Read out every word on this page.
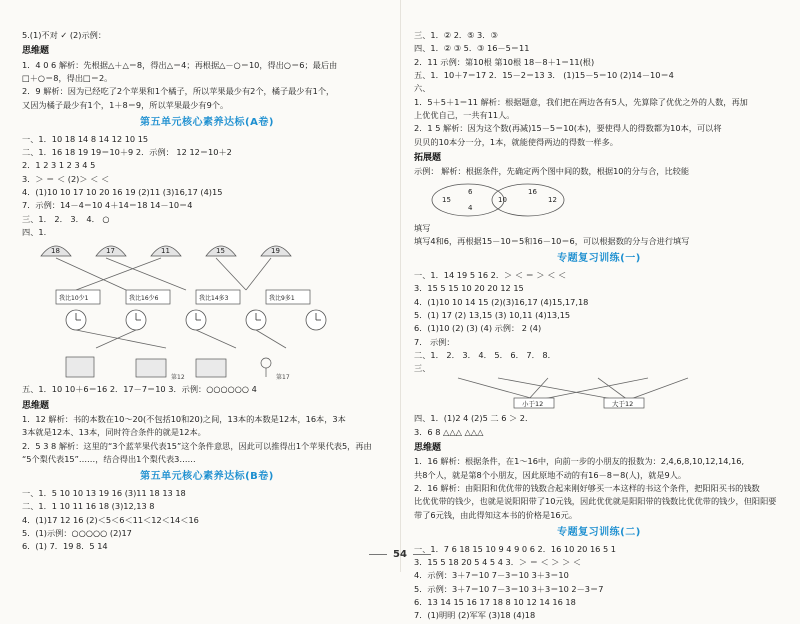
5.(1)不对 ✓ (2)示例：
思维题
1．4 0 6 解析：先根据△＋△＝8，得出△＝4；再根据△－○＝10，得出○＝6；最后由
□＋○＝8，得出□＝2。
2．9 解析：因为已经吃了2个苹果和1个橘子，所以苹果最少有2个，橘子最少有1个，
又因为橘子最少有1个，1＋8＝9，所以苹果最少有9个。
第五单元核心素养达标(A卷)
一、1．10 18 14 8 14 12 10 15
二、1．16 18 19 19＝10＋9 2．示例： 12 12＝10＋2
2．1 2 3 1 2 3 4 5
3．＞ ＝ ＜ (2)＞ ＜ ＜
4．(1)10 10 17 10 20 16 19 (2)11 (3)16,17 (4)15
7．示例：14－4＝10 4＋14＝18 14－10＝4
三、1． 2． 3． 4． ○
四、1.
18	17	11	15	19
我比10少1	我比16少6	我比14多3	我比9多1
第12	第17
五、1．10 10＋6＝16 2．17－7＝10 3．示例：○○○○○○ 4
思维题
1．12 解析：书的本数在10～20(不包括10和20)之间，13本的本数是12本，16本，3本
3本就是12本、13本，同时符合条件的就是12本。
2．5 3 8 解析：这里的“3个蓝苹果代表15”这个条件意思，因此可以推得出1个苹果代表5，再由
“5个梨代表15”……，结合得出1个梨代表3……
第五单元核心素养达标(B卷)
一、1．5 10 10 13 19 16 (3)11 18 13 18
二、1．1 10 11 16 18 (3)12,13 8
4．(1)17 12 16 (2)＜5＜6＜11＜12＜14＜16
5．(1)示例：○○○○○ (2)17
6．(1) 7．19 8．5 14
三、1．② 2．⑤ 3．③
四、1．② ③ 5．③ 16－5＝11
2．11 示例：第10根 第10根 18－8＋1＝11(根)
五、1．10＋7＝17 2．15－2＝13 3． (1)15－5＝10 (2)14－10＝4
六、
1．5＋5＋1＝11 解析：根据题意，我们把在两边各有5人，先算除了优优之外的人数，再加
上优优自己，一共有11人。
2．1 5 解析：因为这个数(再减)15－5＝10(本)，要使得人的得数都为10本，可以将
贝贝的10本分一分，1本，就能使得两边的得数一样多。
拓展题
示例： 解析：根据条件，先确定两个图中间的数，根据10的分与合，比较能
15
6
4
10
16
12
填写
填写4和6，再根据15－10＝5和16－10＝6，可以根据数的分与合进行填写
专题复习训练(一)
一、1．14 19 5 16 2．＞ ＜ ＝ ＞ ＜ ＜
3．15 5 15 10 20 20 12 15
4．(1)10 10 14 15 (2)(3)16,17 (4)15,17,18
5．(1) 17 (2) 13,15 (3) 10,11 (4)13,15
6．(1)10 (2) (3) (4) 示例： 2 (4)
7． 示例：
二、1． 2． 3． 4． 5． 6． 7． 8．
三、
小于12	大于12
四、1．(1)2 4 (2)5 二 6 ＞ 2．
3．6 8 △△△ △△△
思维题
1．16 解析：根据条件，在1～16中，向前一步的小朋友的报数为：2,4,6,8,10,12,14,16,
共8个人，就是第8个小朋友，因此原地不动的有16－8＝8(人)，就是9人。
2．16 解析：由阳阳和优优带的钱数合起来刚好够买一本这样的书这个条件，把阳阳买书的钱数
比优优带的钱少，也就是说阳阳带了10元钱，因此优优就是阳阳带的钱数比优优带的钱少，但阳阳要
带了6元钱，由此得知这本书的价格是16元。
专题复习训练(二)
一、1．7 6 18 15 10 9 4 9 0 6 2．16 10 20 16 5 1
3．15 5 18 20 5 4 5 4 3．＞ ＝ ＜ ＞ ＞ ＜
4．示例：3＋7＝10 7－3＝10 3＋3＝10
5．示例：3＋7＝10 7－3＝10 3＋3＝10 2－3＝7
6．13 14 15 16 17 18 8 10 12 14 16 18
7．(1)明明 (2)军军 (3)18 (4)18
54
